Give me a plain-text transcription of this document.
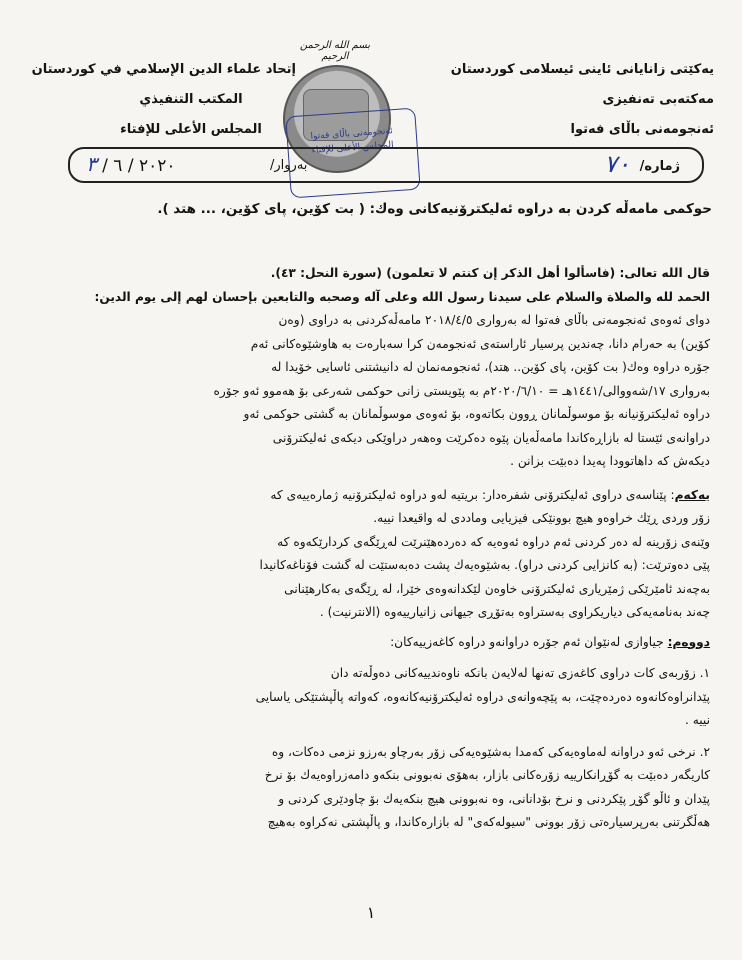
یەكێتی زانایانی ئاینی ئیسلامی كوردستان
مەكتەبی تەنفیزی
ئەنجومەنی باڵای فەتوا
إتحاد علماء الدين الإسلامي في كوردستان
المكتب التنفيذي
المجلس الأعلى للإفتاء
بسم الله الرحمن الرحيم
ئەنجومەنی باڵای فەتوا
المجلس الأعلى للإفتاء
ژمارە/
٧٠
بەروار/
٢٠٢٠ / ٦ / ٣
حوكمی مامەڵە كردن بە دراوە ئەلیكترۆنیەكانی وەك: ( بت كۆین، پای كۆین، ... هتد ).

قال الله تعالى: (فاسألوا أهل الذكر إن كنتم لا تعلمون) (سورة النحل: ٤٣).

الحمد لله والصلاة والسلام على سيدنا رسول الله وعلى آله وصحبه والتابعين بإحسان لهم إلى يوم الدين:

دوای ئەوەی ئەنجومەنی باڵای فەتوا لە بەرواری ٢٠١٨/٤/٥ مامەڵەكردنی بە دراوی (وەن

كۆین) بە حەرام دانا، چەندین پرسیار ئاراستەی ئەنجومەن كرا سەبارەت بە هاوشێوەكانی ئەم

جۆرە دراوە وەك( بت كۆین، پای كۆین.. هتد)، ئەنجومەنمان لە دانیشتنی ئاسایی خۆیدا لە

بەرواری ١٧/شەووالی/١٤٤١هـ = ٢٠٢٠/٦/١٠م بە پێویستی زانی حوكمی شەرعی بۆ هەموو ئەو جۆرە

دراوە ئەلیكترۆنیانە بۆ موسوڵمانان ڕوون بكاتەوە، بۆ ئەوەی موسوڵمانان بە گشتی حوكمی ئەو

دراوانەی ئێستا لە بازاڕەكاندا مامەڵەیان پێوە دەكرێت وەهەر دراوێكی دیكەی ئەلیكترۆنی

دیكەش كە داهاتوودا پەیدا دەبێت بزانن .

یەكەم: پێناسەی دراوی ئەلیكترۆنی شفرەدار: بریتیە لەو دراوە ئەلیكترۆنیە ژمارەییەی كە

زۆر وردی ڕێك خراوەو هیچ بوونێكی فیزیایی وماددی لە واقیعدا نییە.

وێنەی زۆرینە لە دەر كردنی ئەم دراوە ئەوەیە كە دەردەهێنرێت لەڕێگەی كردارێكەوە كە

پێی دەوترێت: (بە كانزایی كردنی دراو). بەشێوەیەك پشت دەبەستێت لە گشت فۆناغەكانیدا

بەچەند ئامێرێكی ژمێریاری ئەلیكترۆنی خاوەن لێكدانەوەی خێرا، لە ڕێگەی بەكارهێنانی

چەند بەنامەیەكی دیاریكراوی بەستراوە بەتۆڕی جیهانی زانیارییەوە (الانترنیت) .

دووەم: جیاوازی لەنێوان ئەم جۆرە دراوانەو دراوە كاغەزییەكان:

١. زۆربەی كات دراوی كاغەزی تەنها لەلایەن بانكە ناوەندییەكانی دەوڵەتە دان

پێدانراوەكانەوە دەردەچێت، بە پێچەوانەی دراوە ئەلیكترۆنیەكانەوە، كەواتە پاڵپشتێكی یاسایی

نییە .

٢. نرخی ئەو دراوانە لەماوەیەكی كەمدا بەشێوەیەكی زۆر بەرچاو بەرزو نزمی دەكات، وە

كاریگەر دەبێت بە گۆڕانكارییە زۆرەكانی بازار، بەهۆی نەبوونی بنكەو دامەزراوەیەك بۆ نرخ

پێدان و ئاڵو گۆڕ پێكردنی و نرخ بۆدانانی، وە نەبوونی هیچ بنكەیەك بۆ چاودێری كردنی و

هەڵگرتنی بەرپرسیارەتی زۆر بوونی "سیولەكەی" لە بازارەكاندا، و پاڵپشتی نەكراوە بەهیچ

١
